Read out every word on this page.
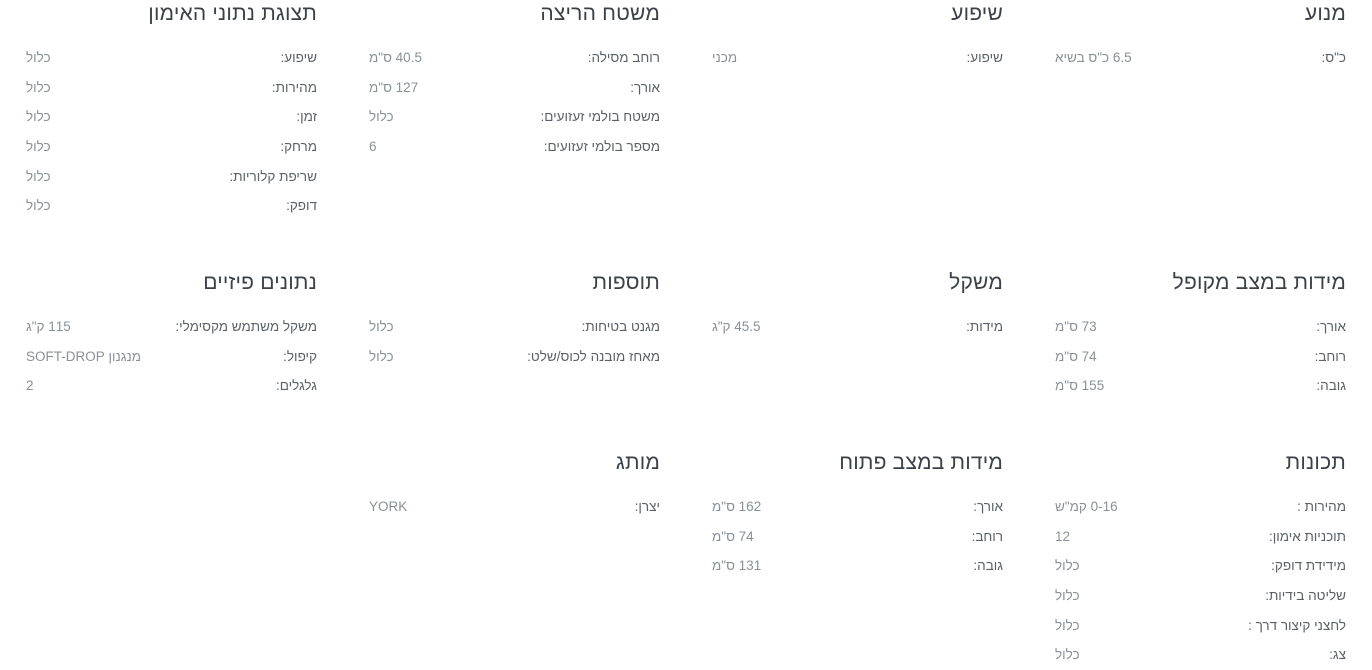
מנוע
כ"ס:
6.5 כ"ס בשיא
שיפוע
שיפוע:
מכני
משטח הריצה
רוחב מסילה:
40.5 ס"מ
אורך:
127 ס"מ
משטח בולמי זעזועים:
כלול
מספר בולמי זעזועים:
6
תצוגת נתוני האימון
שיפוע:
כלול
מהירות:
כלול
זמן:
כלול
מרחק:
כלול
שריפת קלוריות:
כלול
דופק:
כלול
מידות במצב מקופל
אורך:
73 ס"מ
רוחב:
74 ס"מ
גובה:
155 ס"מ
משקל
מידות:
45.5 ק"ג
תוספות
מגנט בטיחות:
כלול
מאחז מובנה לכוס/שלט:
כלול
נתונים פיזיים
משקל משתמש מקסימלי:
115 ק"ג
קיפול:
מנגנון SOFT-DROP
גלגלים:
2
תכונות
מהירות :
0-16 קמ"ש
תוכניות אימון:
12
מידידת דופק:
כלול
שליטה בידיות:
כלול
לחצני קיצור דרך :
כלול
צג:
כלול
מידות במצב פתוח
אורך:
162 ס"מ
רוחב:
74 ס"מ
גובה:
131 ס"מ
מותג
יצרן:
YORK
